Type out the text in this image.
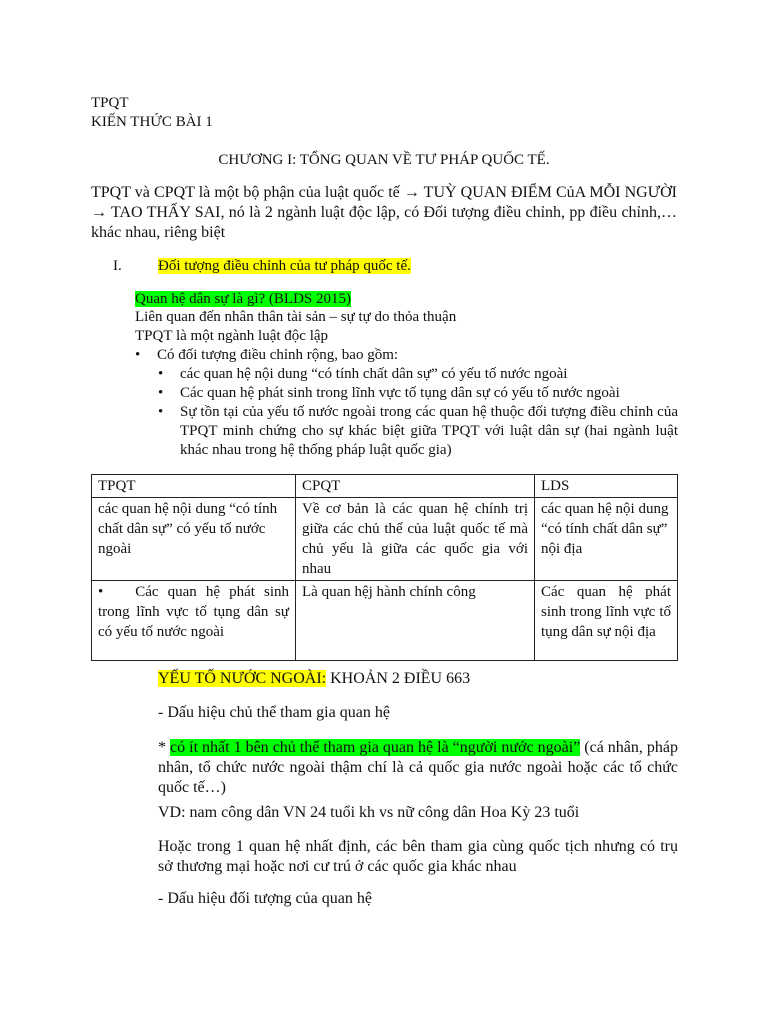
TPQT
KIẾN THỨC BÀI 1
CHƯƠNG I: TỔNG QUAN VỀ TƯ PHÁP QUỐC TẾ.
TPQT và CPQT là một bộ phận của luật quốc tế → TUỲ QUAN ĐIỂM CủA MỖI NGƯỜI → TAO THẤY SAI, nó là 2 ngành luật độc lập, có Đối tượng điều chỉnh, pp điều chỉnh,… khác nhau, riêng biệt
I. Đối tượng điều chỉnh của tư pháp quốc tế.
Quan hệ dân sự là gì? (BLDS 2015)
Liên quan đến nhân thân tài sản – sự tự do thỏa thuận
TPQT là một ngành luật độc lập
• Có đối tượng điều chỉnh rộng, bao gồm:
• các quan hệ nội dung “có tính chất dân sự” có yếu tố nước ngoài
• Các quan hệ phát sinh trong lĩnh vực tố tụng dân sự có yếu tố nước ngoài
• Sự tồn tại của yếu tố nước ngoài trong các quan hệ thuộc đối tượng điều chỉnh của TPQT minh chứng cho sự khác biệt giữa TPQT với luật dân sự (hai ngành luật khác nhau trong hệ thống pháp luật quốc gia)
TPQT	CPQT	LDS
các quan hệ nội dung “có tính chất dân sự” có yếu tố nước ngoài	Về cơ bản là các quan hệ chính trị giữa các chủ thể của luật quốc tế mà chủ yếu là giữa các quốc gia với nhau	các quan hệ nội dung “có tính chất dân sự” nội địa
• Các quan hệ phát sinh trong lĩnh vực tố tụng dân sự có yếu tố nước ngoài	Là quan hệj hành chính công	Các quan hệ phát sinh trong lĩnh vực tố tụng dân sự nội địa
YẾU TỐ NƯỚC NGOÀI: KHOẢN 2 ĐIỀU 663
- Dấu hiệu chủ thể tham gia quan hệ
* có ít nhất 1 bên chủ thể tham gia quan hệ là “người nước ngoài” (cá nhân, pháp nhân, tổ chức nước ngoài thậm chí là cả quốc gia nước ngoài hoặc các tổ chức quốc tế…)
VD: nam công dân VN 24 tuổi kh vs nữ công dân Hoa Kỳ 23 tuổi
Hoặc trong 1 quan hệ nhất định, các bên tham gia cùng quốc tịch nhưng có trụ sở thương mại hoặc nơi cư trú ở các quốc gia khác nhau
- Dấu hiệu đối tượng của quan hệ
